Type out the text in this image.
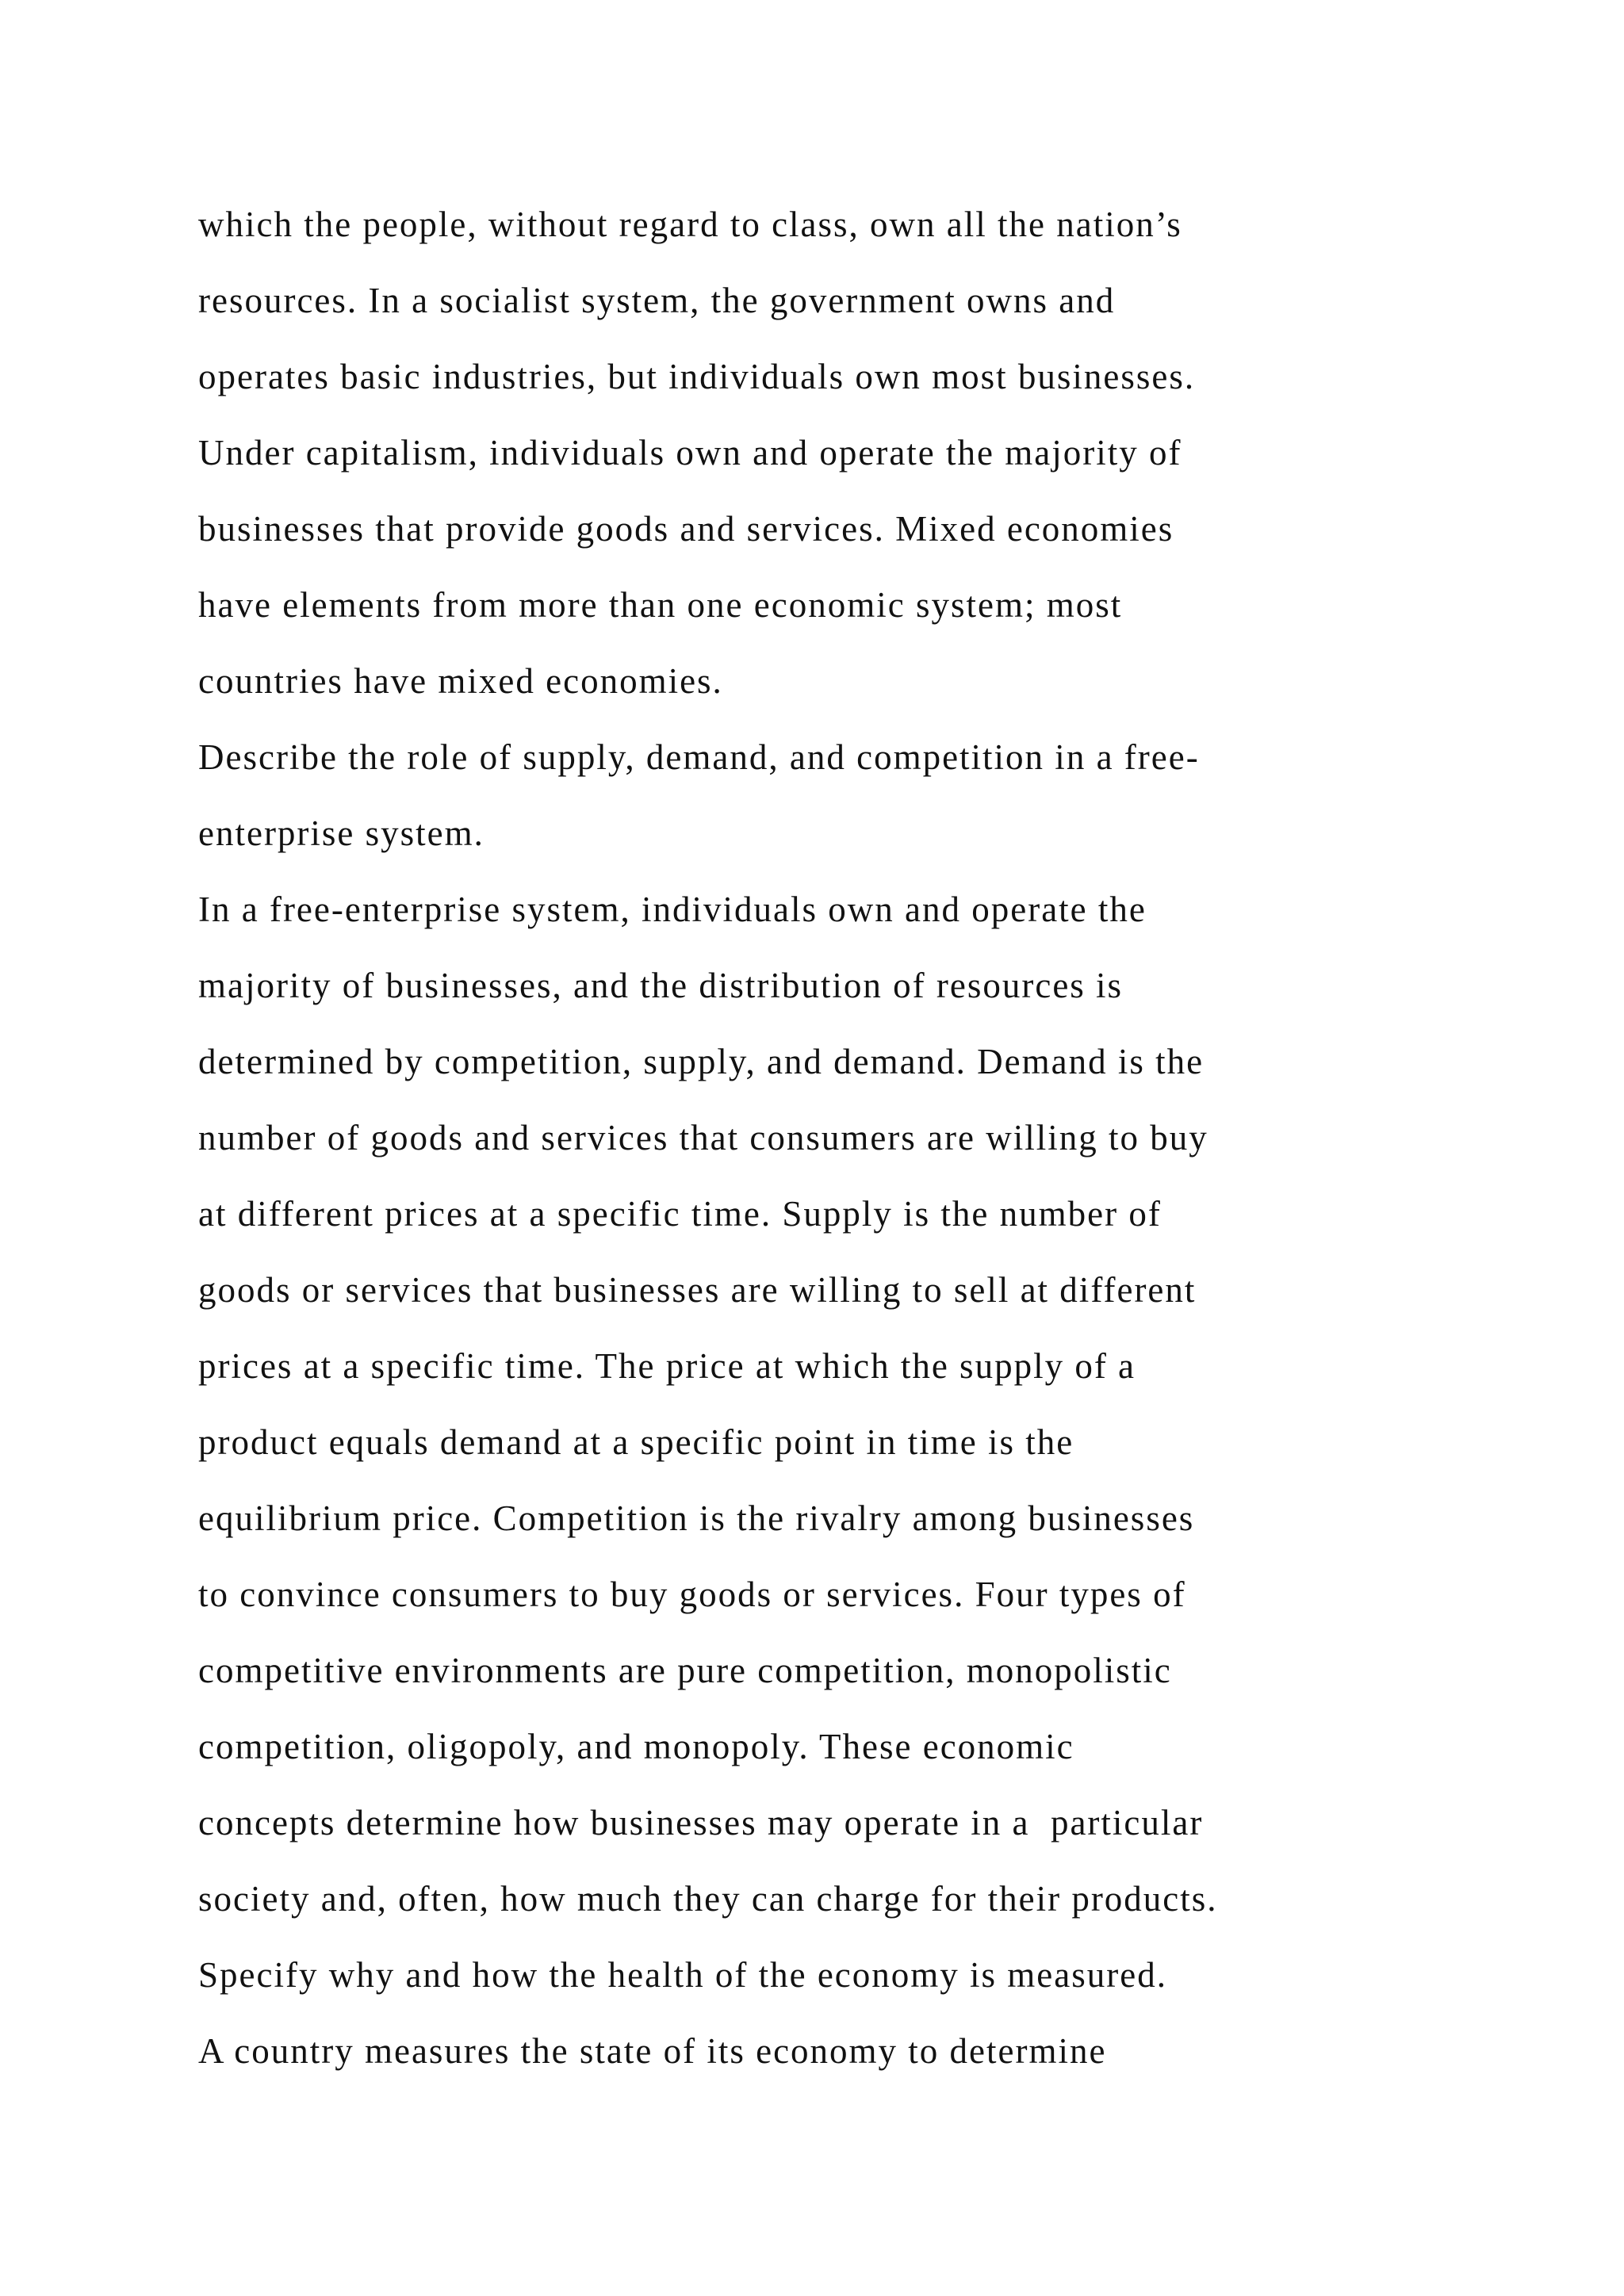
which the people, without regard to class, own all the nation’s
resources. In a socialist system, the government owns and
operates basic industries, but individuals own most businesses.
Under capitalism, individuals own and operate the majority of
businesses that provide goods and services. Mixed economies
have elements from more than one economic system; most
countries have mixed economies.
Describe the role of supply, demand, and competition in a free-
enterprise system.
In a free-enterprise system, individuals own and operate the
majority of businesses, and the distribution of resources is
determined by competition, supply, and demand. Demand is the
number of goods and services that consumers are willing to buy
at different prices at a specific time. Supply is the number of
goods or services that businesses are willing to sell at different
prices at a specific time. The price at which the supply of a
product equals demand at a specific point in time is the
equilibrium price. Competition is the rivalry among businesses
to convince consumers to buy goods or services. Four types of
competitive environments are pure competition, monopolistic
competition, oligopoly, and monopoly. These economic
concepts determine how businesses may operate in a  particular
society and, often, how much they can charge for their products.
Specify why and how the health of the economy is measured.
A country measures the state of its economy to determine
